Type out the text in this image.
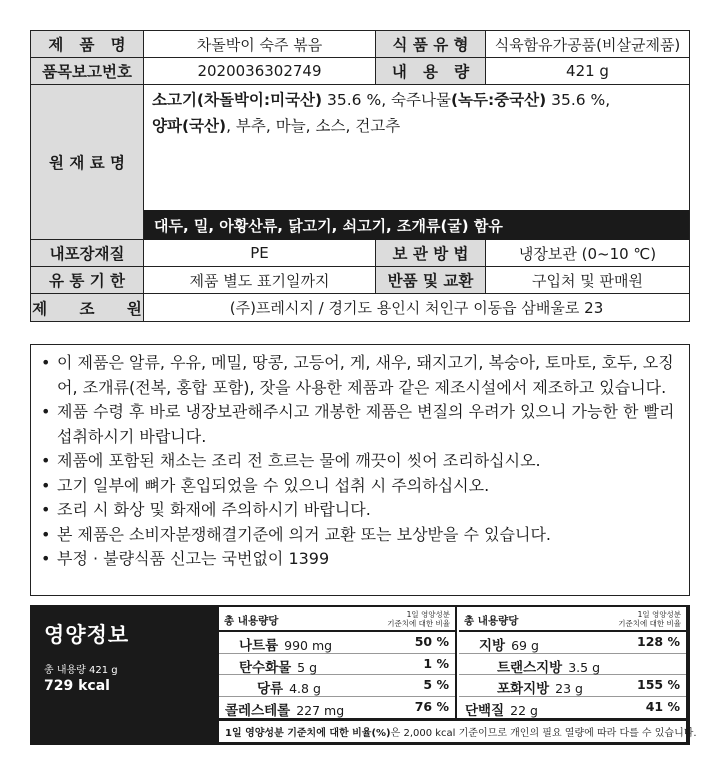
제   품   명	차돌박이 숙주 볶음	식 품 유 형	식육함유가공품(비살균제품)
품목보고번호	2020036302749	내   용   량	421 g
원 재 료 명
소고기(차돌박이:미국산) 35.6 %, 숙주나물(녹두:중국산) 35.6 %,
양파(국산), 부추, 마늘, 소스, 건고추
대두, 밀, 아황산류, 닭고기, 쇠고기, 조개류(굴) 함유
내포장재질	PE	보 관 방 법	냉장보관 (0~10 ℃)
유 통 기 한	제품 별도 표기일까지	반품 및 교환	구입처 및 판매원
제      조      원	(주)프레시지 / 경기도 용인시 처인구 이동읍 삼배울로 23
• 이 제품은 알류, 우유, 메밀, 땅콩, 고등어, 게, 새우, 돼지고기, 복숭아, 토마토, 호두, 오징어, 조개류(전복, 홍합 포함), 잣을 사용한 제품과 같은 제조시설에서 제조하고 있습니다.
• 제품 수령 후 바로 냉장보관해주시고 개봉한 제품은 변질의 우려가 있으니 가능한 한 빨리 섭취하시기 바랍니다.
• 제품에 포함된 채소는 조리 전 흐르는 물에 깨끗이 씻어 조리하십시오.
• 고기 일부에 뼈가 혼입되었을 수 있으니 섭취 시 주의하십시오.
• 조리 시 화상 및 화재에 주의하시기 바랍니다.
• 본 제품은 소비자분쟁해결기준에 의거 교환 또는 보상받을 수 있습니다.
• 부정 · 불량식품 신고는 국번없이 1399
영양정보
총 내용량 421 g
729 kcal
총 내용량당
1일 영양성분
기준치에 대한 비율
나트륨 990 mg	50 %
탄수화물 5 g	1 %
당류 4.8 g	5 %
콜레스테롤 227 mg	76 %
총 내용량당
1일 영양성분
기준치에 대한 비율
지방 69 g	128 %
트랜스지방 3.5 g
포화지방 23 g	155 %
단백질 22 g	41 %
1일 영양성분 기준치에 대한 비율(%) 은 2,000 kcal 기준이므로 개인의 필요 열량에 따라 다를 수 있습니다.
